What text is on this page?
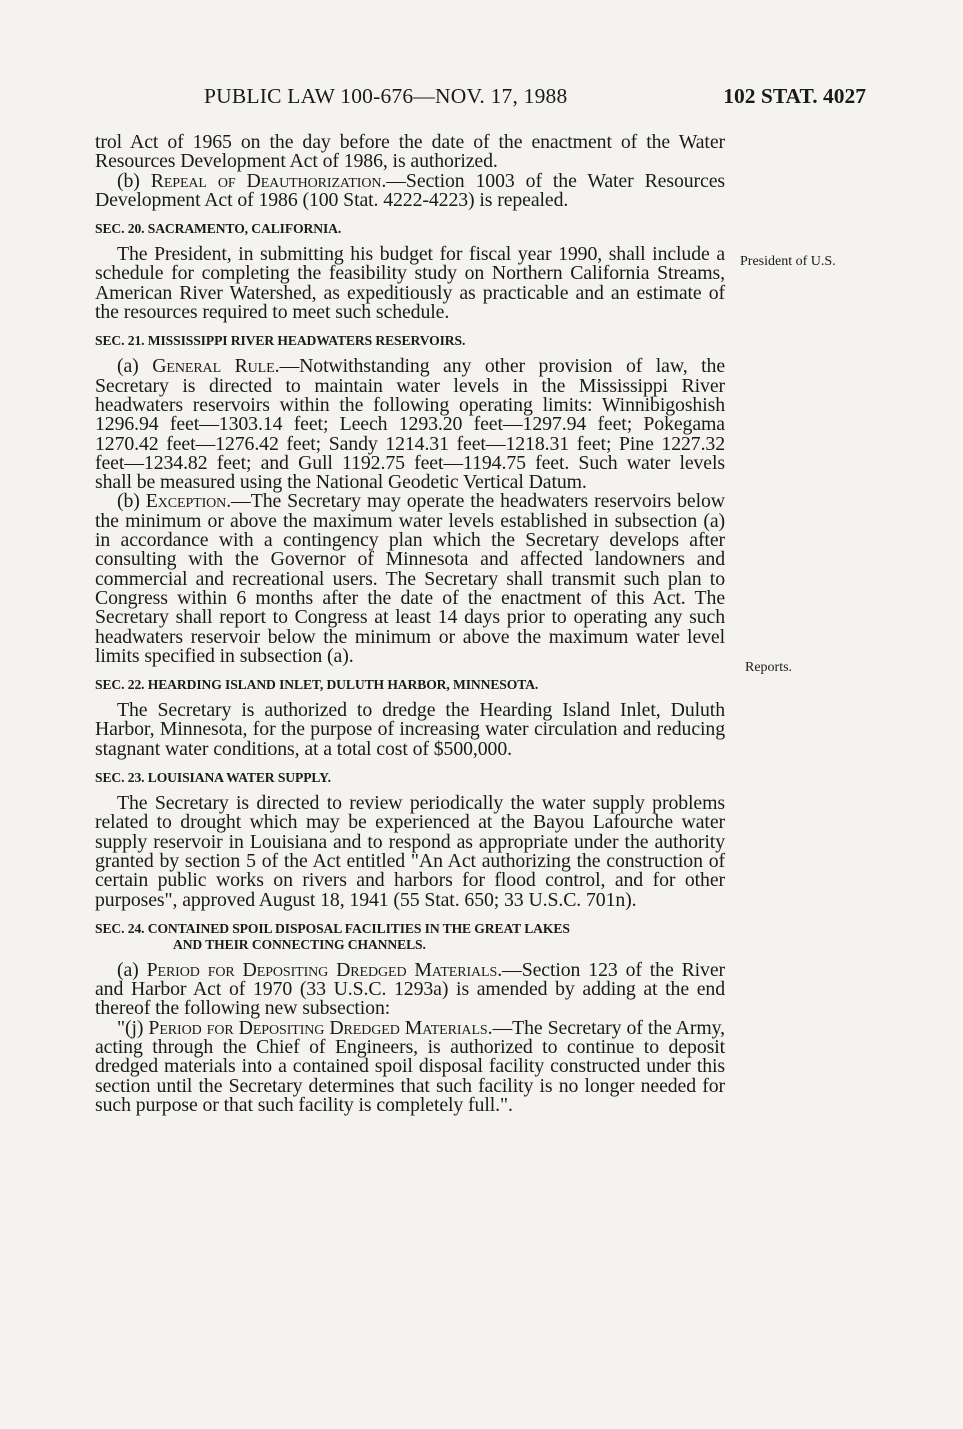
PUBLIC LAW 100-676—NOV. 17, 1988	102 STAT. 4027
President of U.S.
Reports.

trol Act of 1965 on the day before the date of the enactment of the Water Resources Development Act of 1986, is authorized.

(b) Repeal of Deauthorization.—Section 1003 of the Water Resources Development Act of 1986 (100 Stat. 4222-4223) is repealed.

SEC. 20. SACRAMENTO, CALIFORNIA.

The President, in submitting his budget for fiscal year 1990, shall include a schedule for completing the feasibility study on Northern California Streams, American River Watershed, as expeditiously as practicable and an estimate of the resources required to meet such schedule.

SEC. 21. MISSISSIPPI RIVER HEADWATERS RESERVOIRS.

(a) General Rule.—Notwithstanding any other provision of law, the Secretary is directed to maintain water levels in the Mississippi River headwaters reservoirs within the following operating limits: Winnibigoshish 1296.94 feet—1303.14 feet; Leech 1293.20 feet—1297.94 feet; Pokegama 1270.42 feet—1276.42 feet; Sandy 1214.31 feet—1218.31 feet; Pine 1227.32 feet—1234.82 feet; and Gull 1192.75 feet—1194.75 feet. Such water levels shall be measured using the National Geodetic Vertical Datum.

(b) Exception.—The Secretary may operate the headwaters reservoirs below the minimum or above the maximum water levels established in subsection (a) in accordance with a contingency plan which the Secretary develops after consulting with the Governor of Minnesota and affected landowners and commercial and recreational users. The Secretary shall transmit such plan to Congress within 6 months after the date of the enactment of this Act. The Secretary shall report to Congress at least 14 days prior to operating any such headwaters reservoir below the minimum or above the maximum water level limits specified in subsection (a).

SEC. 22. HEARDING ISLAND INLET, DULUTH HARBOR, MINNESOTA.

The Secretary is authorized to dredge the Hearding Island Inlet, Duluth Harbor, Minnesota, for the purpose of increasing water circulation and reducing stagnant water conditions, at a total cost of $500,000.

SEC. 23. LOUISIANA WATER SUPPLY.

The Secretary is directed to review periodically the water supply problems related to drought which may be experienced at the Bayou Lafourche water supply reservoir in Louisiana and to respond as appropriate under the authority granted by section 5 of the Act entitled "An Act authorizing the construction of certain public works on rivers and harbors for flood control, and for other purposes", approved August 18, 1941 (55 Stat. 650; 33 U.S.C. 701n).

SEC. 24. CONTAINED SPOIL DISPOSAL FACILITIES IN THE GREAT LAKES
AND THEIR CONNECTING CHANNELS.

(a) Period for Depositing Dredged Materials.—Section 123 of the River and Harbor Act of 1970 (33 U.S.C. 1293a) is amended by adding at the end thereof the following new subsection:

"(j) Period for Depositing Dredged Materials.—The Secretary of the Army, acting through the Chief of Engineers, is authorized to continue to deposit dredged materials into a contained spoil disposal facility constructed under this section until the Secretary determines that such facility is no longer needed for such purpose or that such facility is completely full.".
